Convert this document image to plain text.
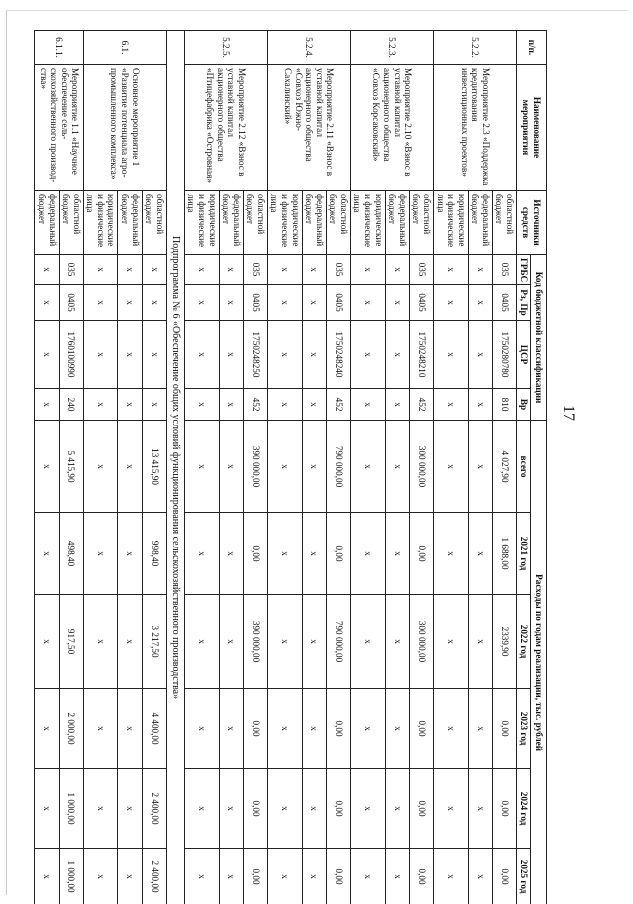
17
п/п.	Наименование мероприятия	Источники средств	Код бюджетной классификации				Расходы по годам реализации, тыс. рублей					
			ГРБС	Рз, Пр	ЦСР	Вр	всего	2021 год	2022 год	2023 год	2024 год	2025 год
5.2.2.	Мероприятие 2.3 «Поддержка кредитования инвестиционных проектов»	областной бюджет	035	0405	1750280780	810	4 027,90	1 688,00	2339,90	0,00	0,00	0,00
		федеральный бюджет	x	x	x	x	x	x	x	x	x	x
		юридические и физические лица	x	x	x	x	x	x	x	x	x	x
5.2.3.	Мероприятие 2.10 «Взнос в уставной капитал акционерного общества «Совхоз Корсаковский»	областной бюджет	035	0405	1750248210	452	300 000,00	0,00	300 000,00	0,00	0,00	0,00
		федеральный бюджет	x	x	x	x	x	x	x	x	x	x
		юридические и физические лица	x	x	x	x	x	x	x	x	x	x
5.2.4.	Мероприятие 2.11 «Взнос в уставной капитал акционерного общества «Совхоз Южно-Сахалинский»	областной бюджет	035	0405	1750248240	452	790 000,00	0,00	790 000,00	0,00	0,00	0,00
		федеральный бюджет	x	x	x	x	x	x	x	x	x	x
		юридические и физические лица	x	x	x	x	x	x	x	x	x	x
5.2.5.	Мероприятие 2.12 «Взнос в уставной капитал акционерного общества «Птицефабрика «Островная»	областной бюджет	035	0405	1750248250	452	390 000,00	0,00	390 000,00	0,00	0,00	0,00
		федеральный бюджет	x	x	x	x	x	x	x	x	x	x
		юридические и физические лица	x	x	x	x	x	x	x	x	x	x
Подпрограмма № 6 «Обеспечение общих условий функционирования сельскохозяйственного производства»												
6.1.	Основное мероприятие 1 «Развитие потенциала агро-промышленного комплекса»	областной бюджет	x	x	x	x	13 415,90	998,40	3 217,50	4 400,00	2 400,00	2 400,00
		федеральный бюджет	x	x	x	x	x	x	x	x	x	x
		юридические и физические лица	x	x	x	x	x	x	x	x	x	x
6.1.1.	Мероприятие 1.1 «Научное обеспечение сель-скохозяйственного производ-ства»	областной бюджет	035	0405	1760100990	240	5 415,90	498,40	917,50	2 000,00	1 000,00	1 000,00
		федеральный бюджет	x	x	x	x	x	x	x	x	x	x
